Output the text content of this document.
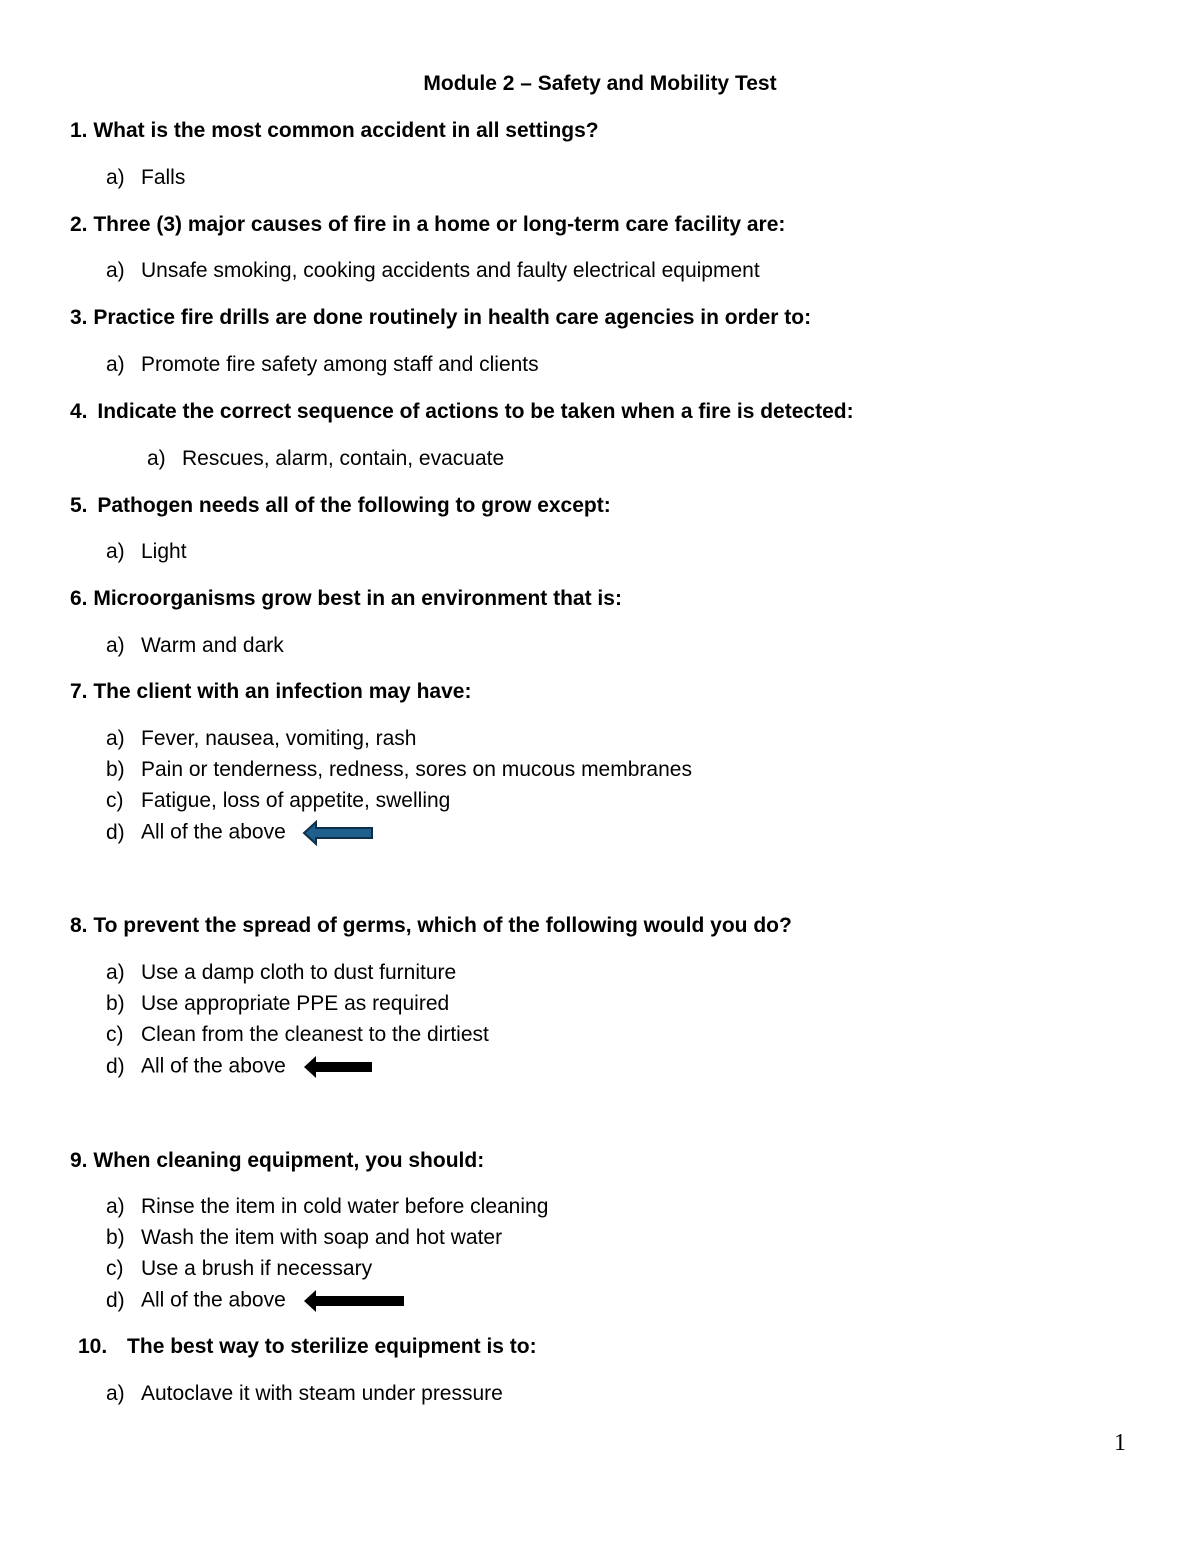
Module 2 – Safety and Mobility Test
1. What is the most common accident in all settings?
a) Falls
2. Three (3) major causes of fire in a home or long-term care facility are:
a) Unsafe smoking, cooking accidents and faulty electrical equipment
3. Practice fire drills are done routinely in health care agencies in order to:
a) Promote fire safety among staff and clients
4. Indicate the correct sequence of actions to be taken when a fire is detected:
a) Rescues, alarm, contain, evacuate
5. Pathogen needs all of the following to grow except:
a) Light
6. Microorganisms grow best in an environment that is:
a) Warm and dark
7. The client with an infection may have:
a) Fever, nausea, vomiting, rash
b) Pain or tenderness, redness, sores on mucous membranes
c) Fatigue, loss of appetite, swelling
d) All of the above
8. To prevent the spread of germs, which of the following would you do?
a) Use a damp cloth to dust furniture
b) Use appropriate PPE as required
c) Clean from the cleanest to the dirtiest
d) All of the above
9. When cleaning equipment, you should:
a) Rinse the item in cold water before cleaning
b) Wash the item with soap and hot water
c) Use a brush if necessary
d) All of the above
10. The best way to sterilize equipment is to:
a) Autoclave it with steam under pressure
1
